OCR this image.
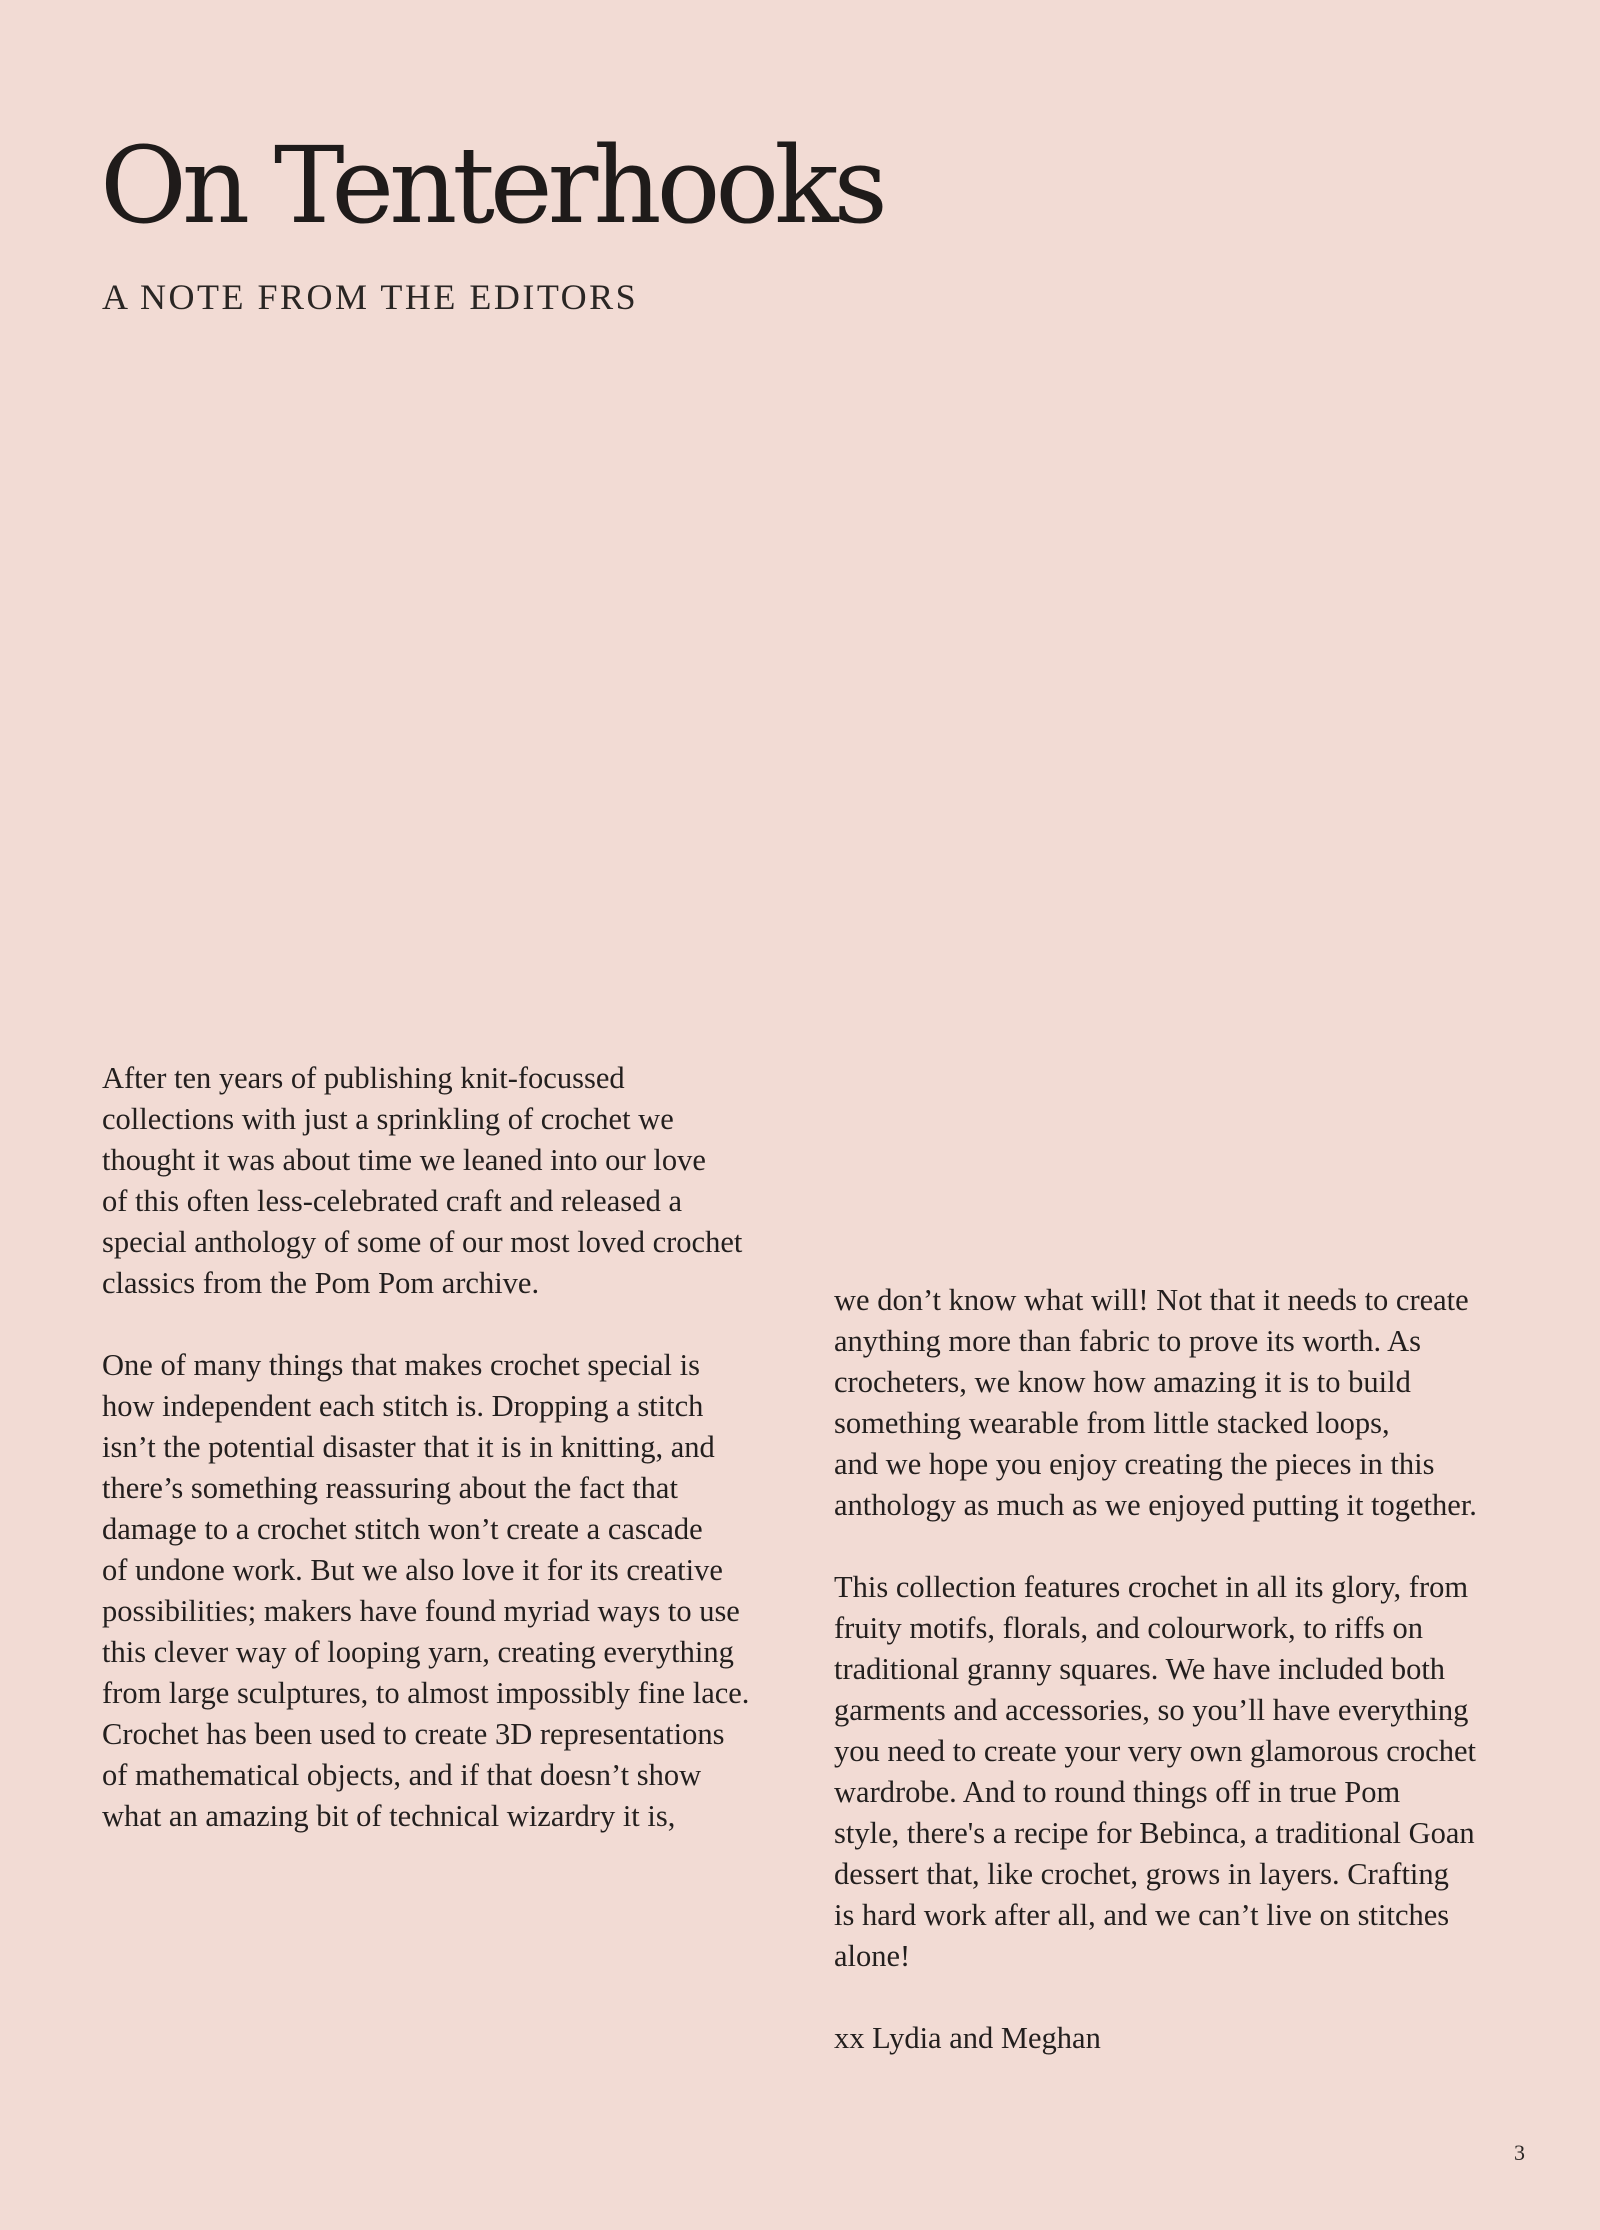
On Tenterhooks
A NOTE FROM THE EDITORS

After ten years of publishing knit-focussed
collections with just a sprinkling of crochet we
thought it was about time we leaned into our love
of this often less-celebrated craft and released a
special anthology of some of our most loved crochet
classics from the Pom Pom archive.

One of many things that makes crochet special is
how independent each stitch is. Dropping a stitch
isn’t the potential disaster that it is in knitting, and
there’s something reassuring about the fact that
damage to a crochet stitch won’t create a cascade
of undone work. But we also love it for its creative
possibilities; makers have found myriad ways to use
this clever way of looping yarn, creating everything
from large sculptures, to almost impossibly fine lace.
Crochet has been used to create 3D representations
of mathematical objects, and if that doesn’t show
what an amazing bit of technical wizardry it is,

we don’t know what will! Not that it needs to create
anything more than fabric to prove its worth. As
crocheters, we know how amazing it is to build
something wearable from little stacked loops,
and we hope you enjoy creating the pieces in this
anthology as much as we enjoyed putting it together.

This collection features crochet in all its glory, from
fruity motifs, florals, and colourwork, to riffs on
traditional granny squares. We have included both
garments and accessories, so you’ll have everything
you need to create your very own glamorous crochet
wardrobe. And to round things off in true Pom
style, there's a recipe for Bebinca, a traditional Goan
dessert that, like crochet, grows in layers. Crafting
is hard work after all, and we can’t live on stitches
alone!

xx Lydia and Meghan

3
